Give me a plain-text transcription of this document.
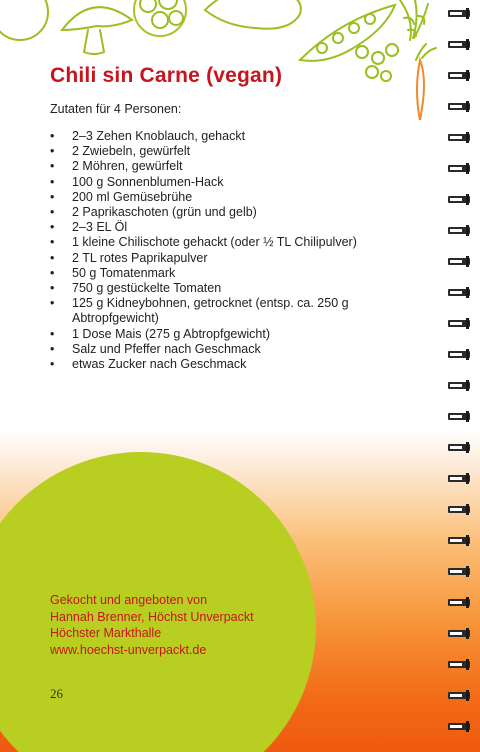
Chili sin Carne (vegan)

Zutaten für 4 Personen:

• 2–3 Zehen Knoblauch, gehackt
• 2 Zwiebeln, gewürfelt
• 2 Möhren, gewürfelt
• 100 g Sonnenblumen-Hack
• 200 ml Gemüsebrühe
• 2 Paprikaschoten (grün und gelb)
• 2–3 EL Öl
• 1 kleine Chilischote gehackt (oder ½ TL Chilipulver)
• 2 TL rotes Paprikapulver
• 50 g Tomatenmark
• 750 g gestückelte Tomaten
• 125 g Kidneybohnen, getrocknet (entsp. ca. 250 g Abtropfgewicht)
• 1 Dose Mais (275 g Abtropfgewicht)
• Salz und Pfeffer nach Geschmack
• etwas Zucker nach Geschmack
Gekocht und angeboten von
Hannah Brenner, Höchst Unverpackt
Höchster Markthalle
www.hoechst-unverpackt.de
26
